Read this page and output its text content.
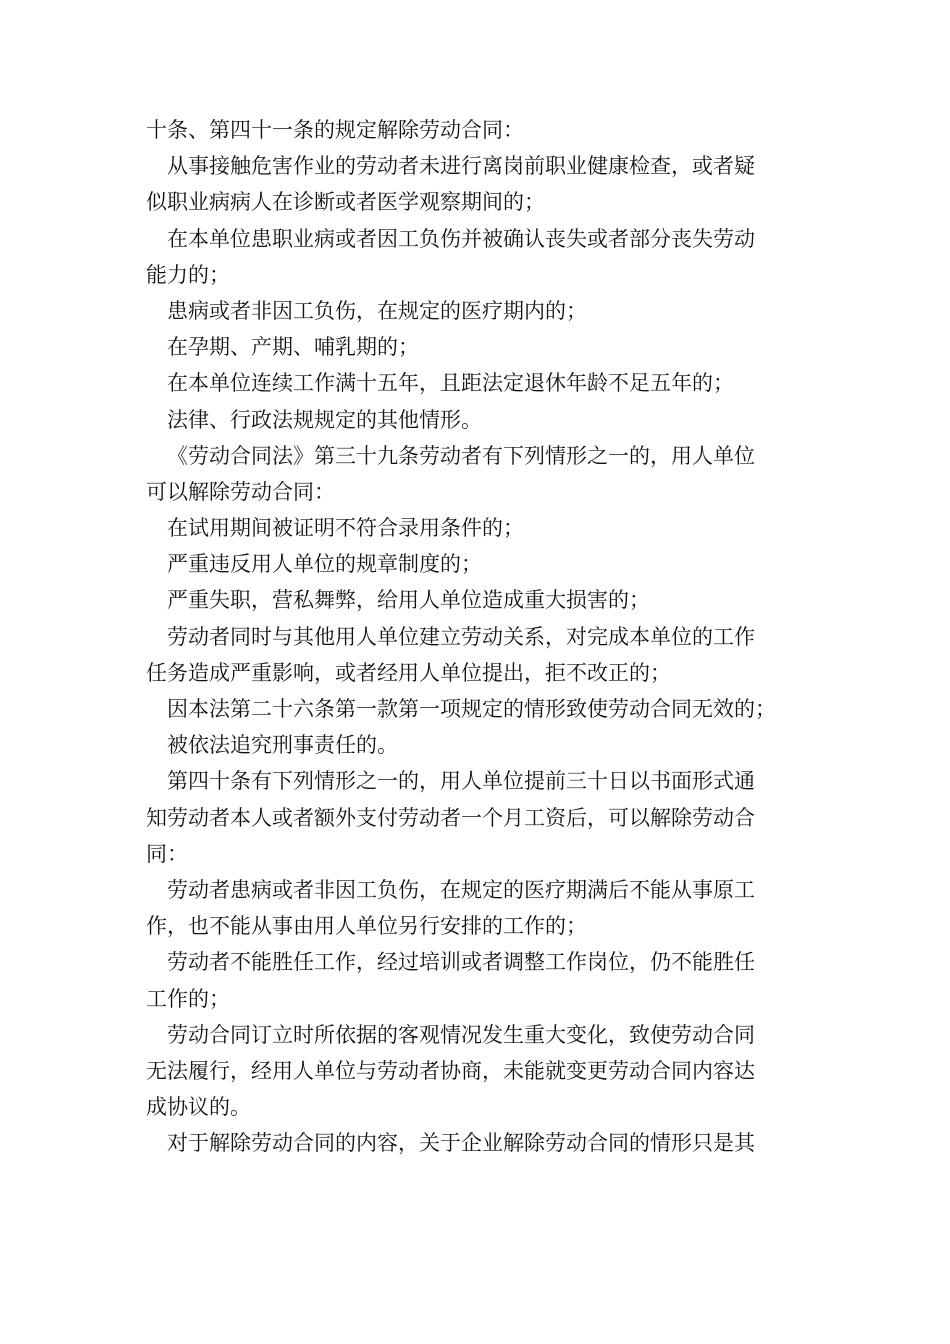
十条、第四十一条的规定解除劳动合同：
从事接触危害作业的劳动者未进行离岗前职业健康检查，或者疑
似职业病病人在诊断或者医学观察期间的；
在本单位患职业病或者因工负伤并被确认丧失或者部分丧失劳动
能力的；
患病或者非因工负伤，在规定的医疗期内的；
在孕期、产期、哺乳期的；
在本单位连续工作满十五年，且距法定退休年龄不足五年的；
法律、行政法规规定的其他情形。
《劳动合同法》第三十九条劳动者有下列情形之一的，用人单位
可以解除劳动合同：
在试用期间被证明不符合录用条件的；
严重违反用人单位的规章制度的；
严重失职，营私舞弊，给用人单位造成重大损害的；
劳动者同时与其他用人单位建立劳动关系，对完成本单位的工作
任务造成严重影响，或者经用人单位提出，拒不改正的；
因本法第二十六条第一款第一项规定的情形致使劳动合同无效的；
被依法追究刑事责任的。
第四十条有下列情形之一的，用人单位提前三十日以书面形式通
知劳动者本人或者额外支付劳动者一个月工资后，可以解除劳动合
同：
劳动者患病或者非因工负伤，在规定的医疗期满后不能从事原工
作，也不能从事由用人单位另行安排的工作的；
劳动者不能胜任工作，经过培训或者调整工作岗位，仍不能胜任
工作的；
劳动合同订立时所依据的客观情况发生重大变化，致使劳动合同
无法履行，经用人单位与劳动者协商，未能就变更劳动合同内容达
成协议的。
对于解除劳动合同的内容，关于企业解除劳动合同的情形只是其
